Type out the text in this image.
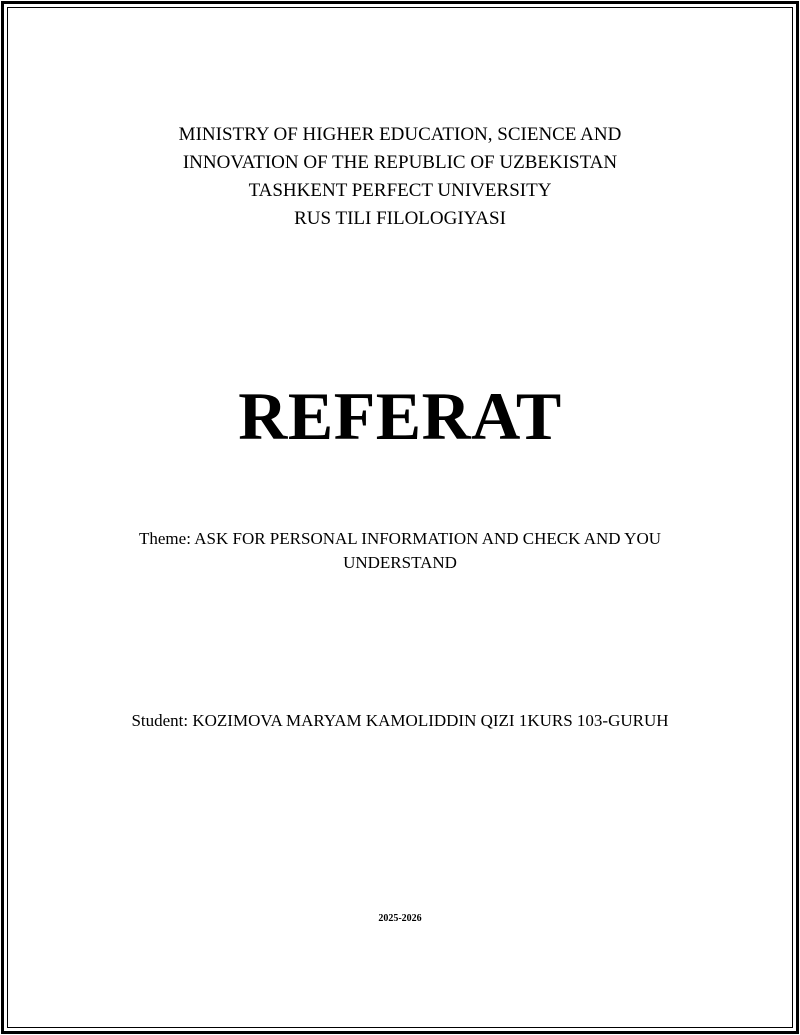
MINISTRY OF HIGHER EDUCATION, SCIENCE AND
INNOVATION OF THE REPUBLIC OF UZBEKISTAN
TASHKENT PERFECT UNIVERSITY
RUS TILI FILOLOGIYASI
REFERAT
Theme: ASK FOR PERSONAL INFORMATION AND CHECK AND YOU UNDERSTAND
Student: KOZIMOVA MARYAM KAMOLIDDIN QIZI 1KURS 103-GURUH
2025-2026
